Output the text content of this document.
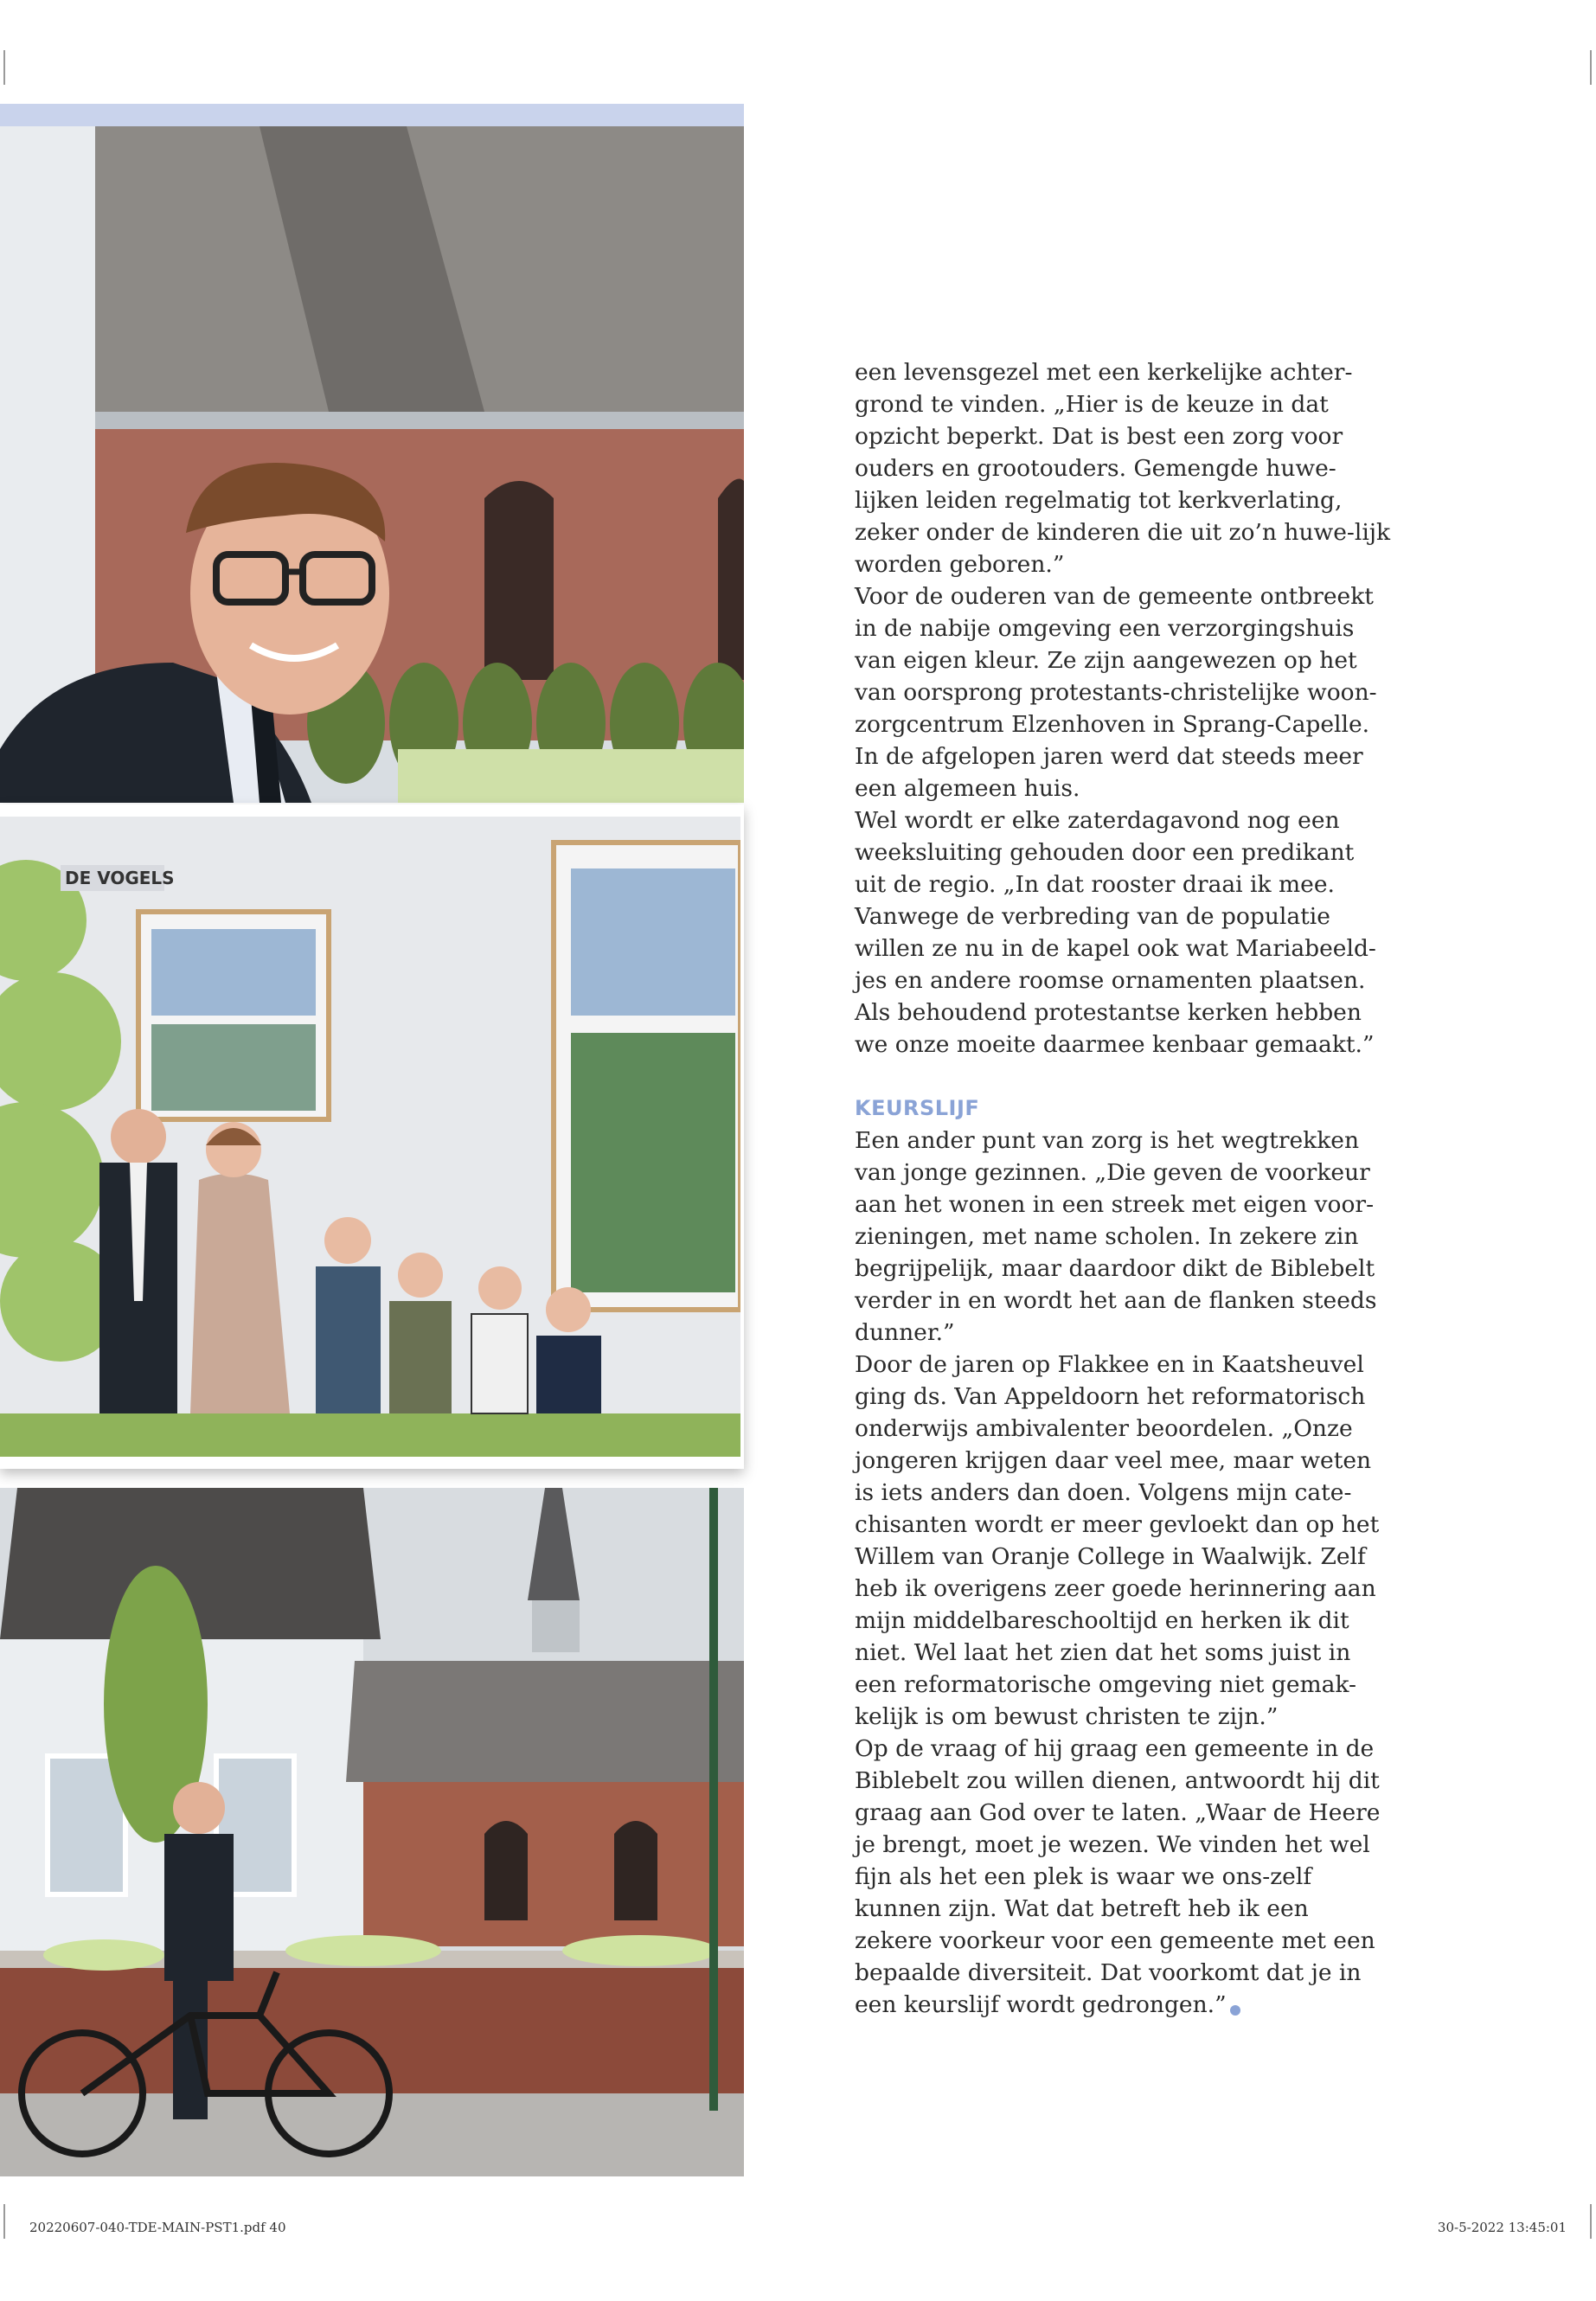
DE VOGELS

een levensgezel met een kerkelijke achter-grond te vinden. „Hier is de keuze in dat opzicht beperkt. Dat is best een zorg voor ouders en grootouders. Gemengde huwe-lijken leiden regelmatig tot kerkverlating, zeker onder de kinderen die uit zo’n huwe-lijk worden geboren.”

Voor de ouderen van de gemeente ontbreekt in de nabije omgeving een verzorgingshuis van eigen kleur. Ze zijn aangewezen op het van oorsprong protestants-christelijke woon-zorgcentrum Elzenhoven in Sprang-Capelle. In de afgelopen jaren werd dat steeds meer een algemeen huis.

Wel wordt er elke zaterdagavond nog een weeksluiting gehouden door een predikant uit de regio. „In dat rooster draai ik mee. Vanwege de verbreding van de populatie willen ze nu in de kapel ook wat Mariabeeld-jes en andere roomse ornamenten plaatsen. Als behoudend protestantse kerken hebben we onze moeite daarmee kenbaar gemaakt.”

KEURSLIJF

Een ander punt van zorg is het wegtrekken van jonge gezinnen. „Die geven de voorkeur aan het wonen in een streek met eigen voor-zieningen, met name scholen. In zekere zin begrijpelijk, maar daardoor dikt de Biblebelt verder in en wordt het aan de flanken steeds dunner.”

Door de jaren op Flakkee en in Kaatsheuvel ging ds. Van Appeldoorn het reformatorisch onderwijs ambivalenter beoordelen. „Onze jongeren krijgen daar veel mee, maar weten is iets anders dan doen. Volgens mijn cate-chisanten wordt er meer gevloekt dan op het Willem van Oranje College in Waalwijk. Zelf heb ik overigens zeer goede herinnering aan mijn middelbareschooltijd en herken ik dit niet. Wel laat het zien dat het soms juist in een reformatorische omgeving niet gemak-kelijk is om bewust christen te zijn.”

Op de vraag of hij graag een gemeente in de Biblebelt zou willen dienen, antwoordt hij dit graag aan God over te laten. „Waar de Heere je brengt, moet je wezen. We vinden het wel fijn als het een plek is waar we ons-zelf kunnen zijn. Wat dat betreft heb ik een zekere voorkeur voor een gemeente met een bepaalde diversiteit. Dat voorkomt dat je in een keurslijf wordt gedrongen.”

20220607-040-TDE-MAIN-PST1.pdf 40	30-5-2022 13:45:01
